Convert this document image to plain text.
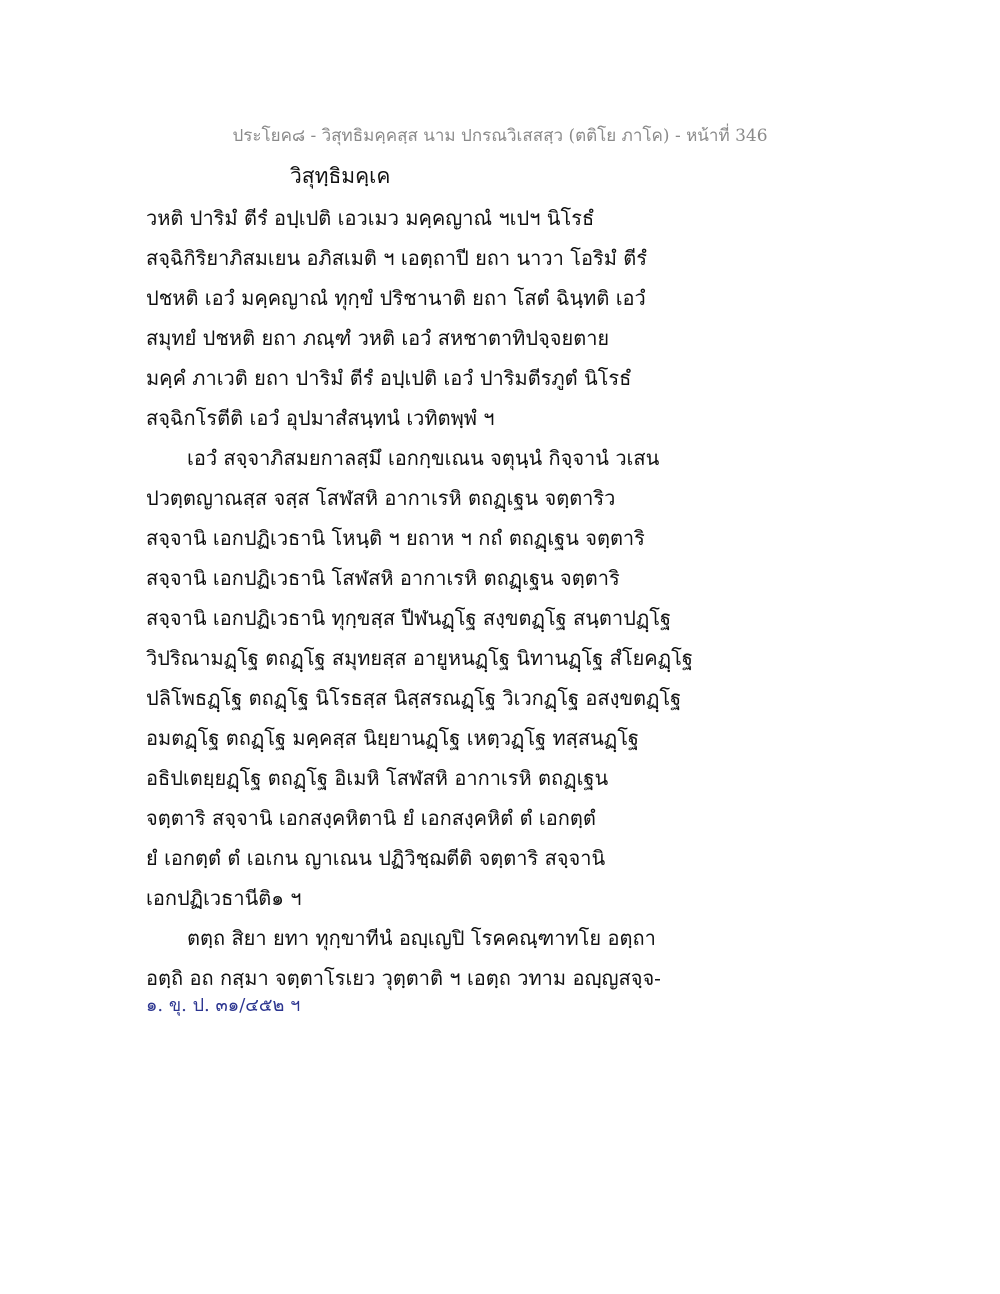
ประโยค๘ - วิสุทธิมคฺคสฺส นาม ปกรณวิเสสสฺว (ตติโย ภาโค) - หน้าที่ 346
วิสุทฺธิมคฺเค
วหติ ปาริมํ ตีรํ อปฺเปติ เอวเมว มคฺคญาณํ ฯเปฯ นิโรธํ
สจฺฉิกิริยาภิสมเยน อภิสเมติ ฯ เอตฺถาปี ยถา นาวา โอริมํ ตีรํ
ปชหติ เอวํ มคฺคญาณํ ทุกฺขํ ปริชานาติ ยถา โสตํ ฉินฺทติ เอวํ
สมุทยํ ปชหติ ยถา ภณฺฑํ วหติ เอวํ สหชาตาทิปจฺจยตาย
มคฺคํ ภาเวติ ยถา ปาริมํ ตีรํ อปฺเปติ เอวํ ปาริมตีรภูตํ นิโรธํ
สจฺฉิกโรตีติ เอวํ อุปมาสํสนฺทนํ เวทิตพฺพํ ฯ
เอวํ สจฺจาภิสมยกาลสฺมึ เอกกฺขเณน จตุนฺนํ กิจฺจานํ วเสน
ปวตฺตญาณสฺส จสฺส โสฬสหิ อากาเรหิ ตถฏฺเฐน จตฺตาริว
สจฺจานิ เอกปฏิเวธานิ โหนฺติ ฯ ยถาห ฯ กถํ ตถฏฺเฐน จตฺตาริ
สจฺจานิ เอกปฏิเวธานิ โสฬสหิ อากาเรหิ ตถฏฺเฐน จตฺตาริ
สจฺจานิ เอกปฏิเวธานิ ทุกฺขสฺส ปีฬนฏฺโฐ สงฺขตฏฺโฐ สนฺตาปฏฺโฐ
วิปริณามฏฺโฐ ตถฏฺโฐ สมุทยสฺส อายูหนฏฺโฐ นิทานฏฺโฐ สํโยคฏฺโฐ
ปลิโพธฏฺโฐ ตถฏฺโฐ นิโรธสฺส นิสฺสรณฏฺโฐ วิเวกฏฺโฐ อสงฺขตฏฺโฐ
อมตฏฺโฐ ตถฏฺโฐ มคฺคสฺส นิยฺยานฏฺโฐ เหตฺวฏฺโฐ ทสฺสนฏฺโฐ
อธิปเตยฺยฏฺโฐ ตถฏฺโฐ อิเมหิ โสฬสหิ อากาเรหิ ตถฏฺเฐน
จตฺตาริ สจฺจานิ เอกสงฺคหิตานิ ยํ เอกสงฺคหิตํ ตํ เอกตฺตํ
ยํ เอกตฺตํ ตํ เอเกน ญาเณน ปฏิวิชฺฌตีติ จตฺตาริ สจฺจานิ
เอกปฏิเวธานีติ๑ ฯ
ตตฺถ สิยา ยทา ทุกฺขาทีนํ อญฺเญปิ โรคคณฺฑาทโย อตฺถา
อตฺถิ อถ กสฺมา จตฺตาโรเยว วุตฺตาติ ฯ เอตฺถ วทาม อญฺญสจฺจ-
๑. ขุ. ป. ๓๑/๔๕๒ ฯ
